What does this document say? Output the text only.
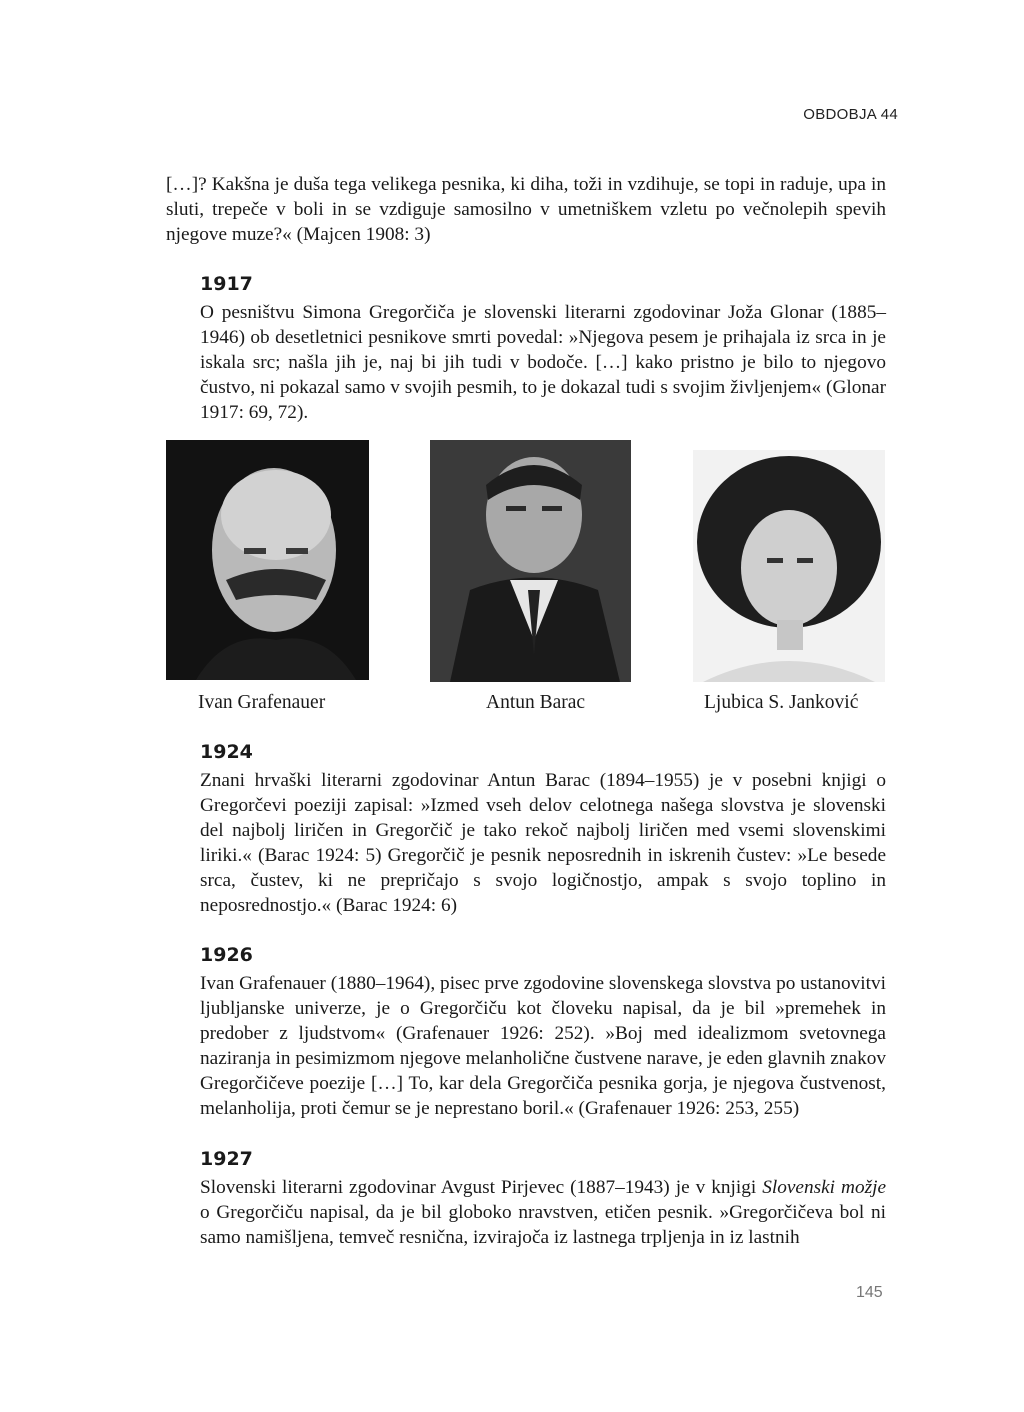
OBDOBJA 44

[…]? Kakšna je duša tega velikega pesnika, ki diha, toži in vzdihuje, se topi in raduje, upa in sluti, trepeče v boli in se vzdiguje samosilno v umetniškem vzletu po večnolepih spevih njegove muze?« (Majcen 1908: 3)

1917

O pesništvu Simona Gregorčiča je slovenski literarni zgodovinar Joža Glonar (1885–1946) ob desetletnici pesnikove smrti povedal: »Njegova pesem je prihajala iz srca in je iskala src; našla jih je, naj bi jih tudi v bodoče. […] kako pristno je bilo to njegovo čustvo, ni pokazal samo v svojih pesmih, to je dokazal tudi s svojim življenjem« (Glonar 1917: 69, 72).

Ivan Grafenauer	Antun Barac	Ljubica S. Janković
1924

Znani hrvaški literarni zgodovinar Antun Barac (1894–1955) je v posebni knjigi o Gregorčevi poeziji zapisal: »Izmed vseh delov celotnega našega slovstva je slovenski del najbolj liričen in Gregorčič je tako rekoč najbolj liričen med vsemi slovenskimi liriki.« (Barac 1924: 5) Gregorčič je pesnik neposrednih in iskrenih čustev: »Le besede srca, čustev, ki ne prepričajo s svojo logičnostjo, ampak s svojo toplino in neposrednostjo.« (Barac 1924: 6)

1926

Ivan Grafenauer (1880–1964), pisec prve zgodovine slovenskega slovstva po ustanovitvi ljubljanske univerze, je o Gregorčiču kot človeku napisal, da je bil »premehek in predober z ljudstvom« (Grafenauer 1926: 252). »Boj med idealizmom svetovnega naziranja in pesimizmom njegove melanholične čustvene narave, je eden glavnih znakov Gregorčičeve poezije […] To, kar dela Gregorčiča pesnika gorja, je njegova čustvenost, melanholija, proti čemur se je neprestano boril.« (Grafenauer 1926: 253, 255)

1927

Slovenski literarni zgodovinar Avgust Pirjevec (1887–1943) je v knjigi Slovenski možje o Gregorčiču napisal, da je bil globoko nravstven, etičen pesnik. »Gregorčičeva bol ni samo namišljena, temveč resnična, izvirajoča iz lastnega trpljenja in iz lastnih

145
